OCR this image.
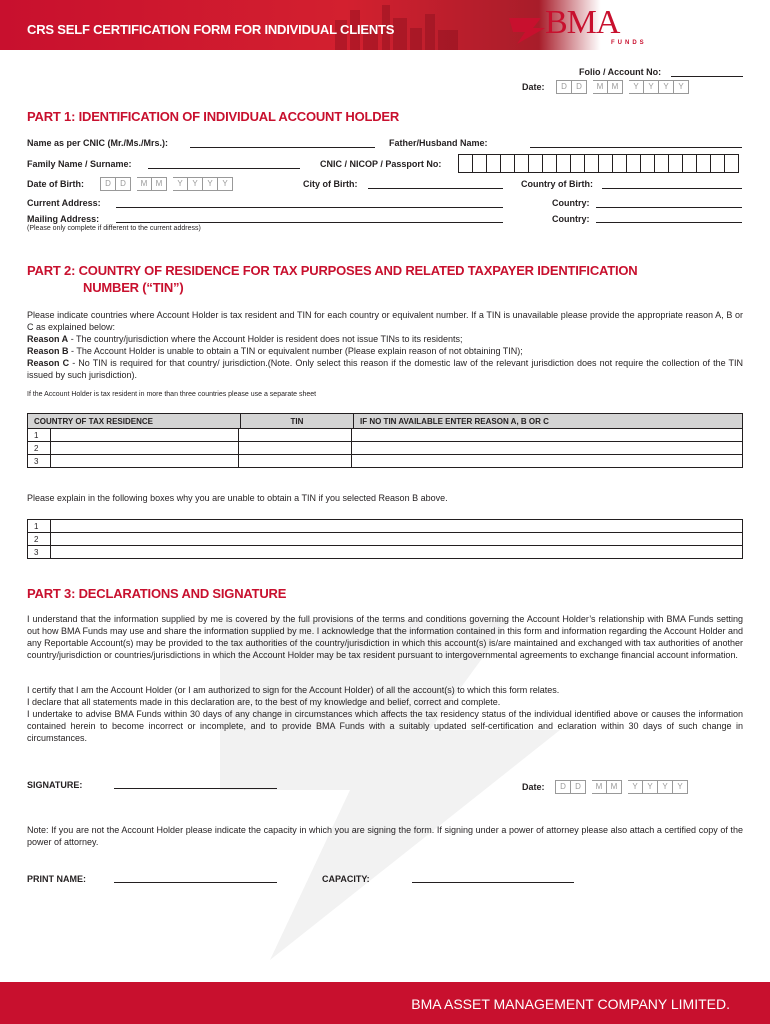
CRS SELF CERTIFICATION FORM FOR INDIVIDUAL CLIENTS	BMA
FUNDS
Folio / Account No:
Date:	D	D	M	M	Y	Y	Y	Y
PART 1: IDENTIFICATION OF INDIVIDUAL ACCOUNT HOLDER
Name as per CNIC (Mr./Ms./Mrs.):	Father/Husband Name:
Family Name / Surname:	CNIC / NICOP / Passport No:
Date of Birth:	D	D	M	M	Y	Y	Y	Y	City of Birth:	Country of Birth:
Current Address:	Country:
Mailing Address:	Country:
(Please only complete if different to the current address)
PART 2: COUNTRY OF RESIDENCE FOR TAX PURPOSES AND RELATED TAXPAYER IDENTIFICATION
NUMBER (“TIN”)
Please indicate countries where Account Holder is tax resident and TIN for each country or equivalent number. If a TIN is unavailable please provide the appropriate reason A, B or C as explained below:
Reason A - The country/jurisdiction where the Account Holder is resident does not issue TINs to its residents;
Reason B - The Account Holder is unable to obtain a TIN or equivalent number (Please explain reason of not obtaining TIN);
Reason C - No TIN is required for that country/ jurisdiction.(Note. Only select this reason if the domestic law of the relevant jurisdiction does not require the collection of the TIN issued by such jurisdiction).
If the Account Holder is tax resident in more than three countries please use a separate sheet
COUNTRY OF TAX RESIDENCE	TIN	IF NO TIN AVAILABLE ENTER REASON A, B OR C
1			
2			
3			
Please explain in the following boxes why you are unable to obtain a TIN if you selected Reason B above.
1	
2	
3	
PART 3: DECLARATIONS AND SIGNATURE
I understand that the information supplied by me is covered by the full provisions of the terms and conditions governing the Account Holder’s relationship with BMA Funds setting out how BMA Funds may use and share the information supplied by me. I acknowledge that the information contained in this form and information regarding the Account Holder and any Reportable Account(s) may be provided to the tax authorities of the country/jurisdiction in which this account(s) is/are maintained and exchanged with tax authorities of another country/jurisdiction or countries/jurisdictions in which the Account Holder may be tax resident pursuant to intergovernmental agreements to exchange financial account information.
I certify that I am the Account Holder (or I am authorized to sign for the Account Holder) of all the account(s) to which this form relates.
I declare that all statements made in this declaration are, to the best of my knowledge and belief, correct and complete.
I undertake to advise BMA Funds within 30 days of any change in circumstances which affects the tax residency status of the individual identified above or causes the information contained herein to become incorrect or incomplete, and to provide BMA Funds with a suitably updated self-certification and eclaration within 30 days of such change in circumstances.
SIGNATURE:	Date:	D	D	M	M	Y	Y	Y	Y
Note: If you are not the Account Holder please indicate the capacity in which you are signing the form. If signing under a power of attorney please also attach a certified copy of the power of attorney.
PRINT NAME:	CAPACITY:
BMA ASSET MANAGEMENT COMPANY LIMITED.
